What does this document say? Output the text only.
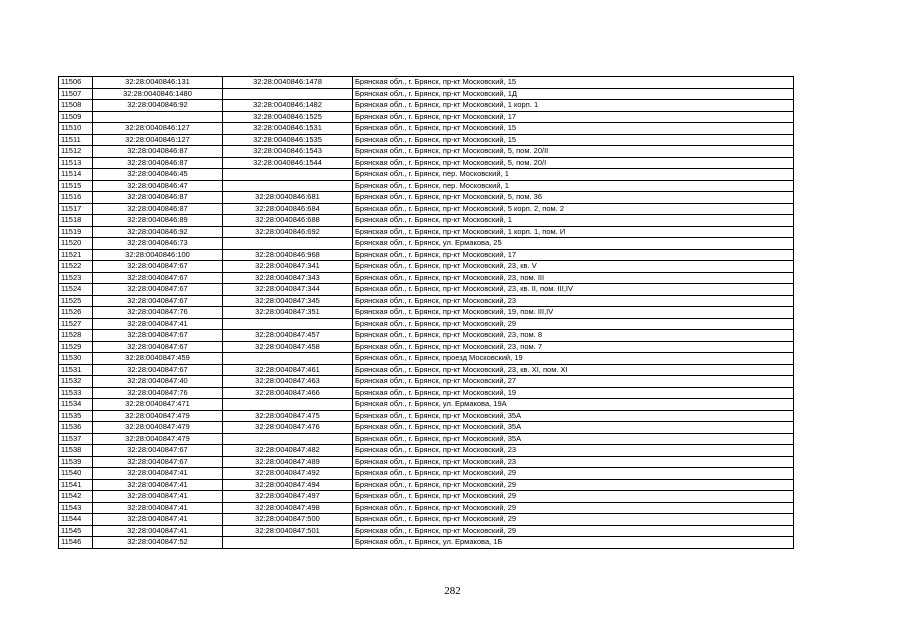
11506	32:28:0040846:131	32:28:0040846:1478	Брянская обл., г. Брянск, пр-кт Московский, 15
11507	32:28:0040846:1480		Брянская обл., г. Брянск, пр-кт Московский, 1Д
11508	32:28:0040846:92	32:28:0040846:1482	Брянская обл., г. Брянск, пр-кт Московский, 1 корп. 1
11509		32:28:0040846:1525	Брянская обл., г. Брянск, пр-кт Московский, 17
11510	32:28:0040846:127	32:28:0040846:1531	Брянская обл., г. Брянск, пр-кт Московский, 15
11511	32:28:0040846:127	32:28:0040846:1535	Брянская обл., г. Брянск, пр-кт Московский, 15
11512	32:28:0040846:87	32:28:0040846:1543	Брянская обл., г. Брянск, пр-кт Московский, 5, пом. 20/II
11513	32:28:0040846:87	32:28:0040846:1544	Брянская обл., г. Брянск, пр-кт Московский, 5, пом. 20/I
11514	32:28:0040846:45		Брянская обл., г. Брянск, пер. Московский, 1
11515	32:28:0040846:47		Брянская обл., г. Брянск, пер. Московский, 1
11516	32:28:0040846:87	32:28:0040846:681	Брянская обл., г. Брянск, пр-кт Московский, 5, пом. 36
11517	32:28:0040846:87	32:28:0040846:684	Брянская обл., г. Брянск, пр-кт Московский, 5 корп. 2, пом. 2
11518	32:28:0040846:89	32:28:0040846:688	Брянская обл., г. Брянск, пр-кт Московский, 1
11519	32:28:0040846:92	32:28:0040846:692	Брянская обл., г. Брянск, пр-кт Московский, 1 корп. 1, пом. И
11520	32:28:0040846:73		Брянская обл., г. Брянск, ул. Ермакова, 25
11521	32:28:0040846:100	32:28:0040846:968	Брянская обл., г. Брянск, пр-кт Московский, 17
11522	32:28:0040847:67	32:28:0040847:341	Брянская обл., г. Брянск, пр-кт Московский, 23, кв. V
11523	32:28:0040847:67	32:28:0040847:343	Брянская обл., г. Брянск, пр-кт Московский, 23, пом. III
11524	32:28:0040847:67	32:28:0040847:344	Брянская обл., г. Брянск, пр-кт Московский, 23, кв. II, пом. III,IV
11525	32:28:0040847:67	32:28:0040847:345	Брянская обл., г. Брянск, пр-кт Московский, 23
11526	32:28:0040847:76	32:28:0040847:351	Брянская обл., г. Брянск, пр-кт Московский, 19, пом. III,IV
11527	32:28:0040847:41		Брянская обл., г. Брянск, пр-кт Московский, 29
11528	32:28:0040847:67	32:28:0040847:457	Брянская обл., г. Брянск, пр-кт Московский, 23, пом. 8
11529	32:28:0040847:67	32:28:0040847:458	Брянская обл., г. Брянск, пр-кт Московский, 23, пом. 7
11530	32:28:0040847:459		Брянская обл., г. Брянск, проезд Московский, 19
11531	32:28:0040847:67	32:28:0040847:461	Брянская обл., г. Брянск, пр-кт Московский, 23, кв. XI, пом. XI
11532	32:28:0040847:40	32:28:0040847:463	Брянская обл., г. Брянск, пр-кт Московский, 27
11533	32:28:0040847:76	32:28:0040847:466	Брянская обл., г. Брянск, пр-кт Московский, 19
11534	32:28:0040847:471		Брянская обл., г. Брянск, ул. Ермакова, 19А
11535	32:28:0040847:479	32:28:0040847:475	Брянская обл., г. Брянск, пр-кт Московский, 35А
11536	32:28:0040847:479	32:28:0040847:476	Брянская обл., г. Брянск, пр-кт Московский, 35А
11537	32:28:0040847:479		Брянская обл., г. Брянск, пр-кт Московский, 35А
11538	32:28:0040847:67	32:28:0040847:482	Брянская обл., г. Брянск, пр-кт Московский, 23
11539	32:28:0040847:67	32:28:0040847:489	Брянская обл., г. Брянск, пр-кт Московский, 23
11540	32:28:0040847:41	32:28:0040847:492	Брянская обл., г. Брянск, пр-кт Московский, 29
11541	32:28:0040847:41	32:28:0040847:494	Брянская обл., г. Брянск, пр-кт Московский, 29
11542	32:28:0040847:41	32:28:0040847:497	Брянская обл., г. Брянск, пр-кт Московский, 29
11543	32:28:0040847:41	32:28:0040847:498	Брянская обл., г. Брянск, пр-кт Московский, 29
11544	32:28:0040847:41	32:28:0040847:500	Брянская обл., г. Брянск, пр-кт Московский, 29
11545	32:28:0040847:41	32:28:0040847:501	Брянская обл., г. Брянск, пр-кт Московский, 29
11546	32:28:0040847:52		Брянская обл., г. Брянск, ул. Ермакова, 1Б
282
